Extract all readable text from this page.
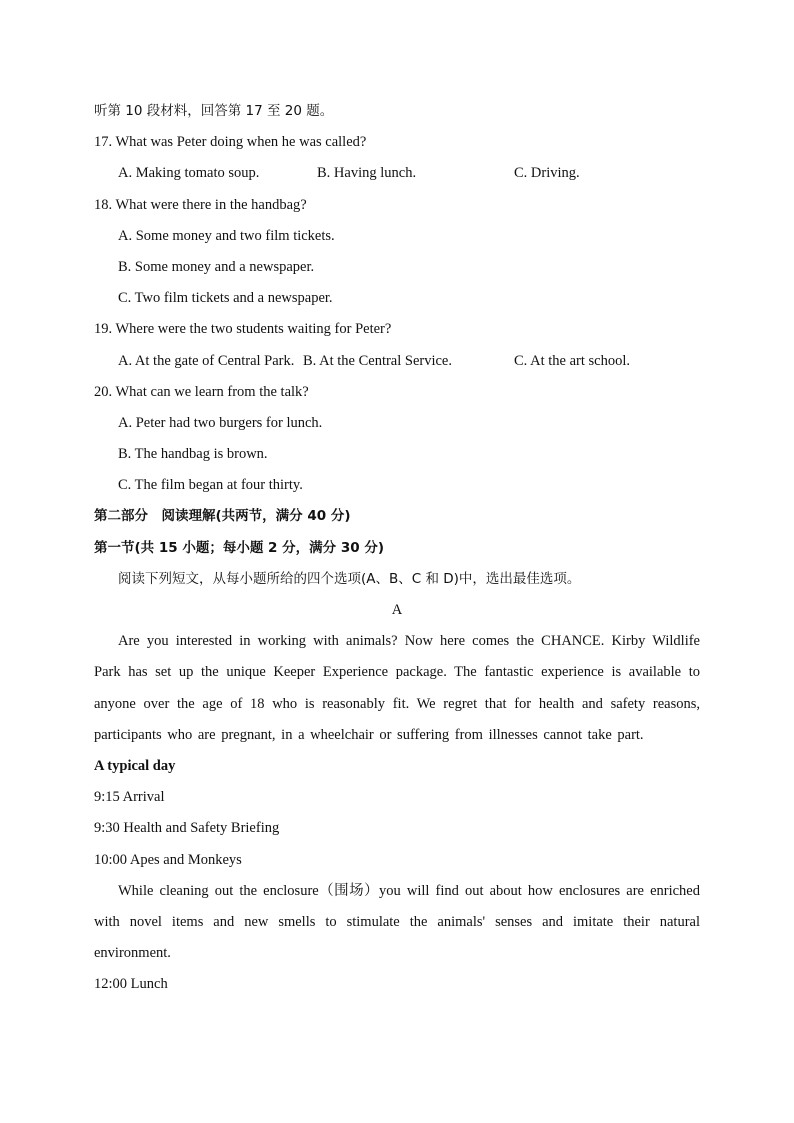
听第 10 段材料，回答第 17 至 20 题。
17. What was Peter doing when he was called?
A. Making tomato soup.	B. Having lunch.	C. Driving.
18. What were there in the handbag?
A. Some money and two film tickets.
B. Some money and a newspaper.
C. Two film tickets and a newspaper.
19. Where were the two students waiting for Peter?
A. At the gate of Central Park.
B. At the Central Service.	C. At the art school.
20. What can we learn from the talk?
A. Peter had two burgers for lunch.
B. The handbag is brown.
C. The film began at four thirty.
第二部分　阅读理解(共两节，满分 40 分)
第一节(共 15 小题；每小题 2 分，满分 30 分)
阅读下列短文，从每小题所给的四个选项(A、B、C 和 D)中，选出最佳选项。
A

Are you interested in working with animals? Now here comes the CHANCE. Kirby Wildlife Park has set up the unique Keeper Experience package. The fantastic experience is available to anyone over the age of 18 who is reasonably fit. We regret that for health and safety reasons, participants who are pregnant, in a wheelchair or suffering from illnesses cannot take part.

A typical day
9:15 Arrival
9:30 Health and Safety Briefing
10:00 Apes and Monkeys

While cleaning out the enclosure（围场）you will find out about how enclosures are enriched with novel items and new smells to stimulate the animals' senses and imitate their natural environment.

12:00 Lunch
